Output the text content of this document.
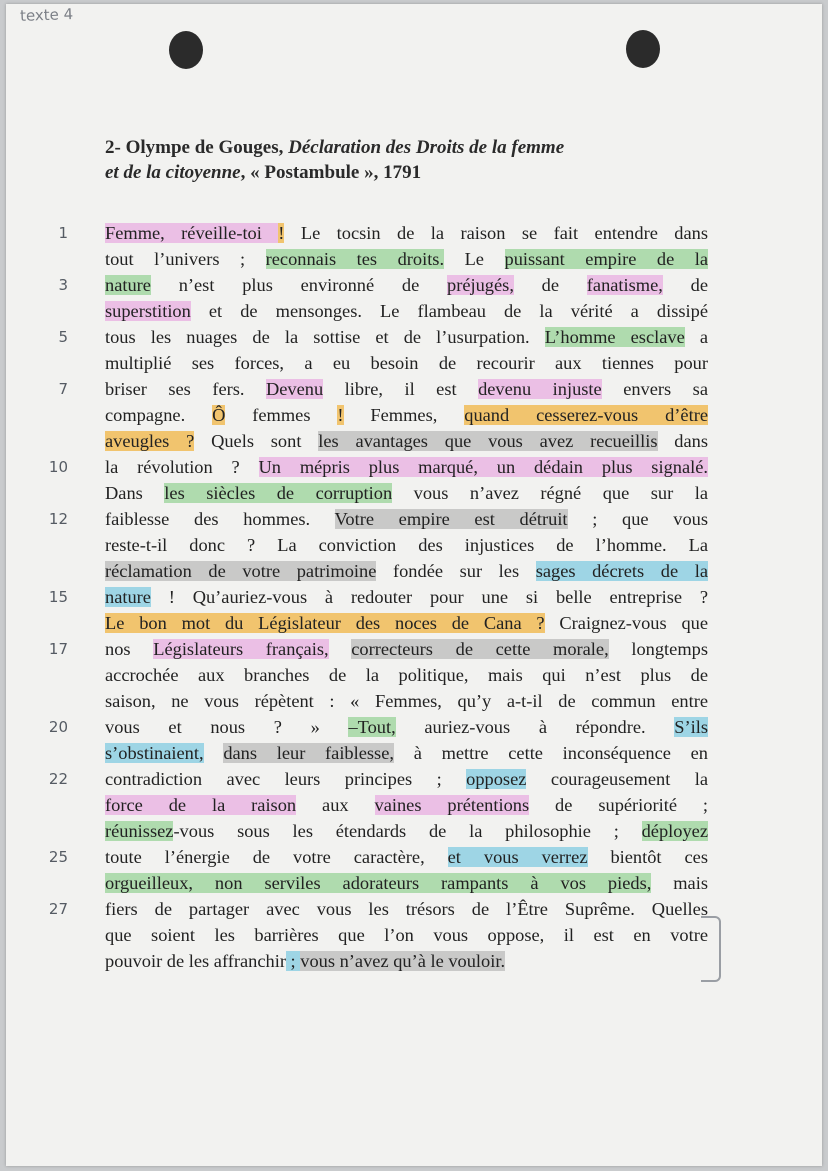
texte 4
2- Olympe de Gouges, Déclaration des Droits de la femme
et de la citoyenne, « Postambule », 1791
1
3
5
7
10
12
15
17
20
22
25
27
Femme, réveille-toi ! Le tocsin de la raison se fait entendre dans
tout l’univers ; reconnais tes droits. Le puissant empire de la
nature n’est plus environné de préjugés, de fanatisme, de
superstition et de mensonges. Le flambeau de la vérité a dissipé
tous les nuages de la sottise et de l’usurpation. L’homme esclave a
multiplié ses forces, a eu besoin de recourir aux tiennes pour
briser ses fers. Devenu libre, il est devenu injuste envers sa
compagne. Ô femmes ! Femmes, quand cesserez-vous d’être
aveugles ? Quels sont les avantages que vous avez recueillis dans
la révolution ? Un mépris plus marqué, un dédain plus signalé.
Dans les siècles de corruption vous n’avez régné que sur la
faiblesse des hommes. Votre empire est détruit ; que vous
reste-t-il donc ? La conviction des injustices de l’homme. La
réclamation de votre patrimoine fondée sur les sages décrets de la
nature ! Qu’auriez-vous à redouter pour une si belle entreprise ?
Le bon mot du Législateur des noces de Cana ? Craignez-vous que
nos Législateurs français, correcteurs de cette morale, longtemps
accrochée aux branches de la politique, mais qui n’est plus de
saison, ne vous répètent : « Femmes, qu’y a-t-il de commun entre
vous et nous ? » –Tout, auriez-vous à répondre. S’ils
s’obstinaient, dans leur faiblesse, à mettre cette inconséquence en
contradiction avec leurs principes ; opposez courageusement la
force de la raison aux vaines prétentions de supériorité ;
réunissez-vous sous les étendards de la philosophie ; déployez
toute l’énergie de votre caractère, et vous verrez bientôt ces
orgueilleux, non serviles adorateurs rampants à vos pieds, mais
fiers de partager avec vous les trésors de l’Être Suprême. Quelles
que soient les barrières que l’on vous oppose, il est en votre
pouvoir de les affranchir ; vous n’avez qu’à le vouloir.
